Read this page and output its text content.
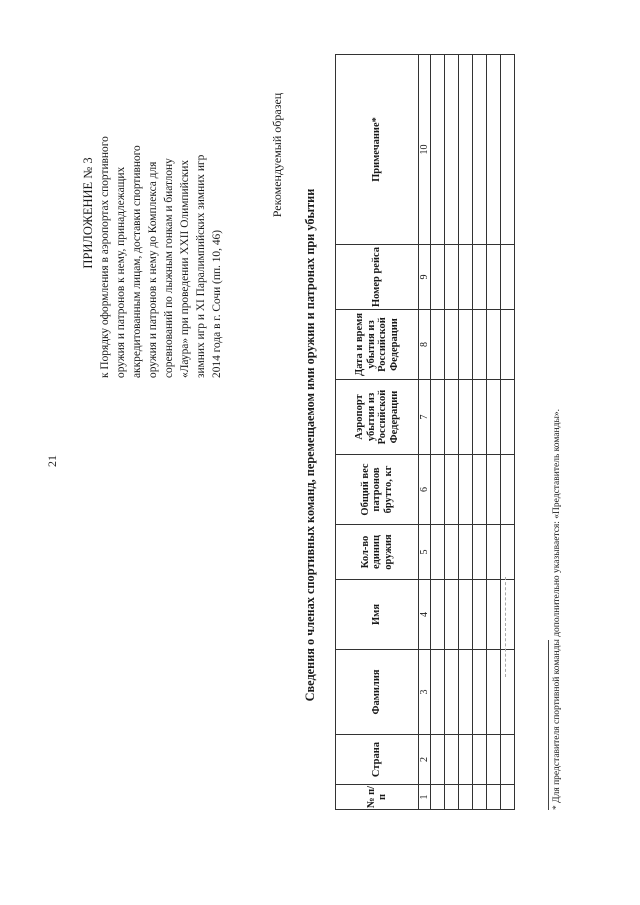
21
ПРИЛОЖЕНИЕ № 3 к Порядку оформления в аэропортах спортивного оружия и патронов к нему, принадлежащих аккредитованным лицам, доставки спортивного оружия и патронов к нему до Комплекса для соревнований по лыжным гонкам и биатлону «Лаура» при проведении XXII Олимпийских зимних игр и XI Паралимпийских зимних игр 2014 года в г. Сочи (пп. 10, 46)

Рекомендуемый образец
Сведения о членах спортивных команд, перемещаемом ими оружии и патронах при убытии
№ п/п	Страна	Фамилия	Имя	Кол-во единиц оружия	Общий вес патронов брутто, кг	Аэропорт убытия из Российской Федерации	Дата и время убытия из Российской Федерации	Номер рейса	Примечание*
1	2	3	4	5	6	7	8	9	10

* Для представителя спортивной команды дополнительно указывается: «Представитель команды».
